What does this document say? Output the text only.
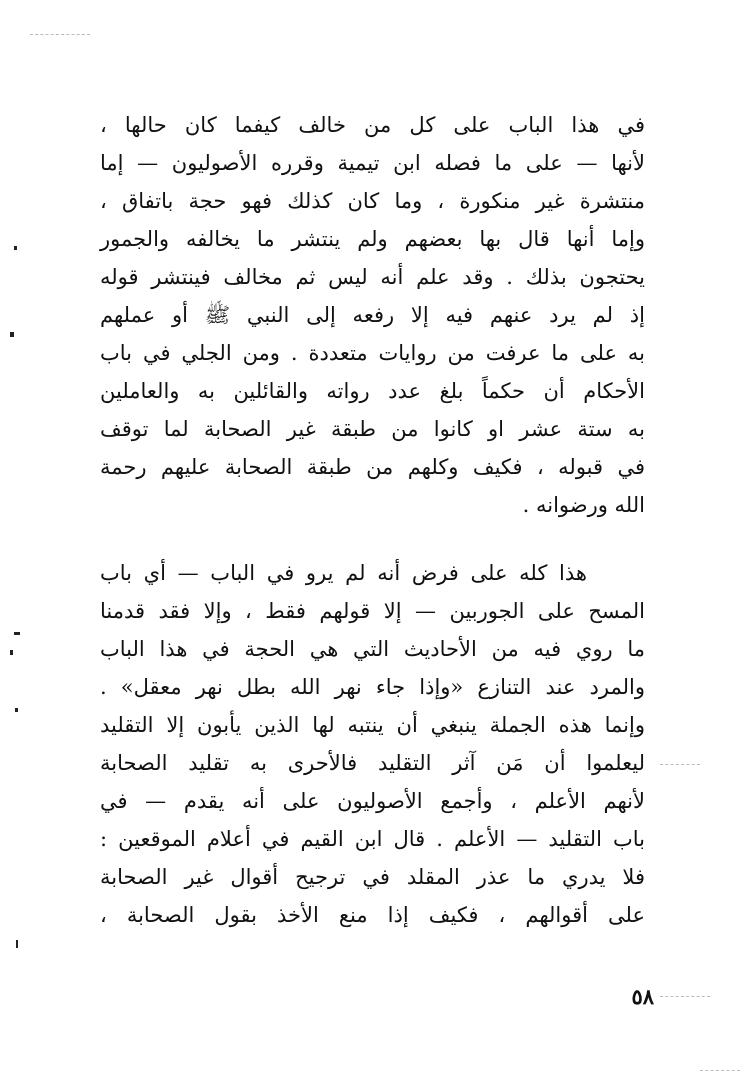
في هذا الباب على كل من خالف كيفما كان حالها ،
لأنها — على ما فصله ابن تيمية وقرره الأصوليون — إما
منتشرة غير منكورة ، وما كان كذلك فهو حجة باتفاق ،
وإما أنها قال بها بعضهم ولم ينتشر ما يخالفه والجمور
يحتجون بذلك . وقد علم أنه ليس ثم مخالف فينتشر قوله
إذ لم يرد عنهم فيه إلا رفعه إلى النبي ﷺ أو عملهم
به على ما عرفت من روايات متعددة . ومن الجلي في باب
الأحكام أن حكماً بلغ عدد رواته والقائلين به والعاملين
به ستة عشر او كانوا من طبقة غير الصحابة لما توقف
في قبوله ، فكيف وكلهم من طبقة الصحابة عليهم رحمة
الله ورضوانه .
هذا كله على فرض أنه لم يرو في الباب — أي باب
المسح على الجوربين — إلا قولهم فقط ، وإلا فقد قدمنا
ما روي فيه من الأحاديث التي هي الحجة في هذا الباب
والمرد عند التنازع «وإذا جاء نهر الله بطل نهر معقل» .
وإنما هذه الجملة ينبغي أن ينتبه لها الذين يأبون إلا التقليد
ليعلموا أن مَن آثر التقليد فالأحرى به تقليد الصحابة
لأنهم الأعلم ، وأجمع الأصوليون على أنه يقدم — في
باب التقليد — الأعلم . قال ابن القيم في أعلام الموقعين :
فلا يدري ما عذر المقلد في ترجيح أقوال غير الصحابة
على أقوالهم ، فكيف إذا منع الأخذ بقول الصحابة ،
٥٨
